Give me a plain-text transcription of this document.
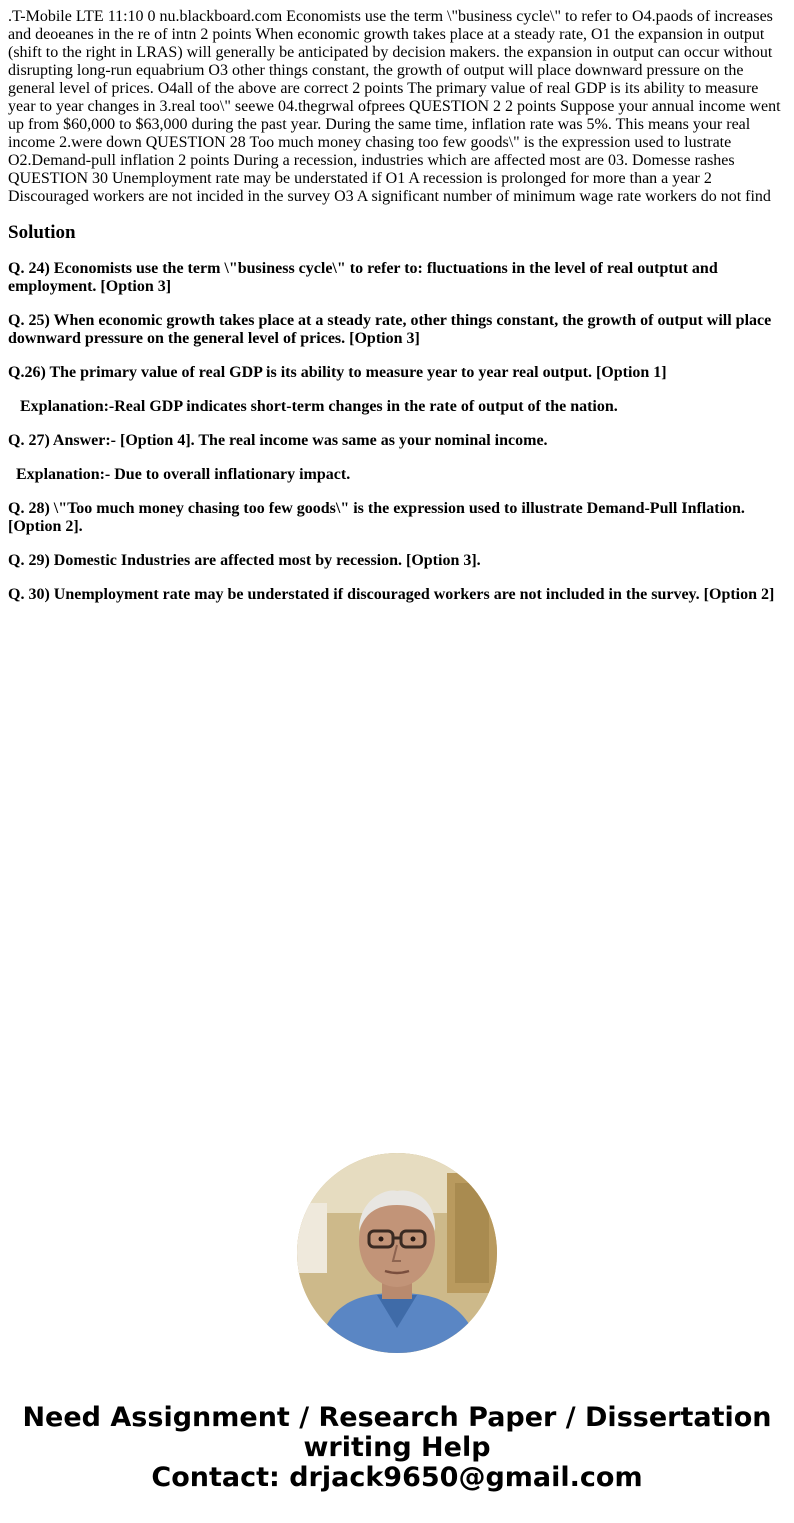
.T-Mobile LTE 11:10 0 nu.blackboard.com Economists use the term \"business cycle\" to refer to O4.paods of increases and deoeanes in the re of intn 2 points When economic growth takes place at a steady rate, O1 the expansion in output (shift to the right in LRAS) will generally be anticipated by decision makers. the expansion in output can occur without disrupting long-run equabrium O3 other things constant, the growth of output will place downward pressure on the general level of prices. O4all of the above are correct 2 points The primary value of real GDP is its ability to measure year to year changes in 3.real too\" seewe 04.thegrwal ofprees QUESTION 2 2 points Suppose your annual income went up from $60,000 to $63,000 during the past year. During the same time, inflation rate was 5%. This means your real income 2.were down QUESTION 28 Too much money chasing too few goods\" is the expression used to lustrate O2.Demand-pull inflation 2 points During a recession, industries which are affected most are 03. Domesse rashes QUESTION 30 Unemployment rate may be understated if O1 A recession is prolonged for more than a year 2 Discouraged workers are not incided in the survey O3 A significant number of minimum wage rate workers do not find

Solution

Q. 24) Economists use the term \"business cycle\" to refer to: fluctuations in the level of real outptut and employment. [Option 3]

Q. 25) When economic growth takes place at a steady rate, other things constant, the growth of output will place downward pressure on the general level of prices. [Option 3]

Q.26) The primary value of real GDP is its ability to measure year to year real output. [Option 1]

Explanation:-Real GDP indicates short-term changes in the rate of output of the nation.

Q. 27) Answer:- [Option 4]. The real income was same as your nominal income.

Explanation:- Due to overall inflationary impact.

Q. 28) \"Too much money chasing too few goods\" is the expression used to illustrate Demand-Pull Inflation. [Option 2].

Q. 29) Domestic Industries are affected most by recession. [Option 3].

Q. 30) Unemployment rate may be understated if discouraged workers are not included in the survey. [Option 2]

Need Assignment / Research Paper / Dissertation
writing Help
Contact: drjack9650@gmail.com
